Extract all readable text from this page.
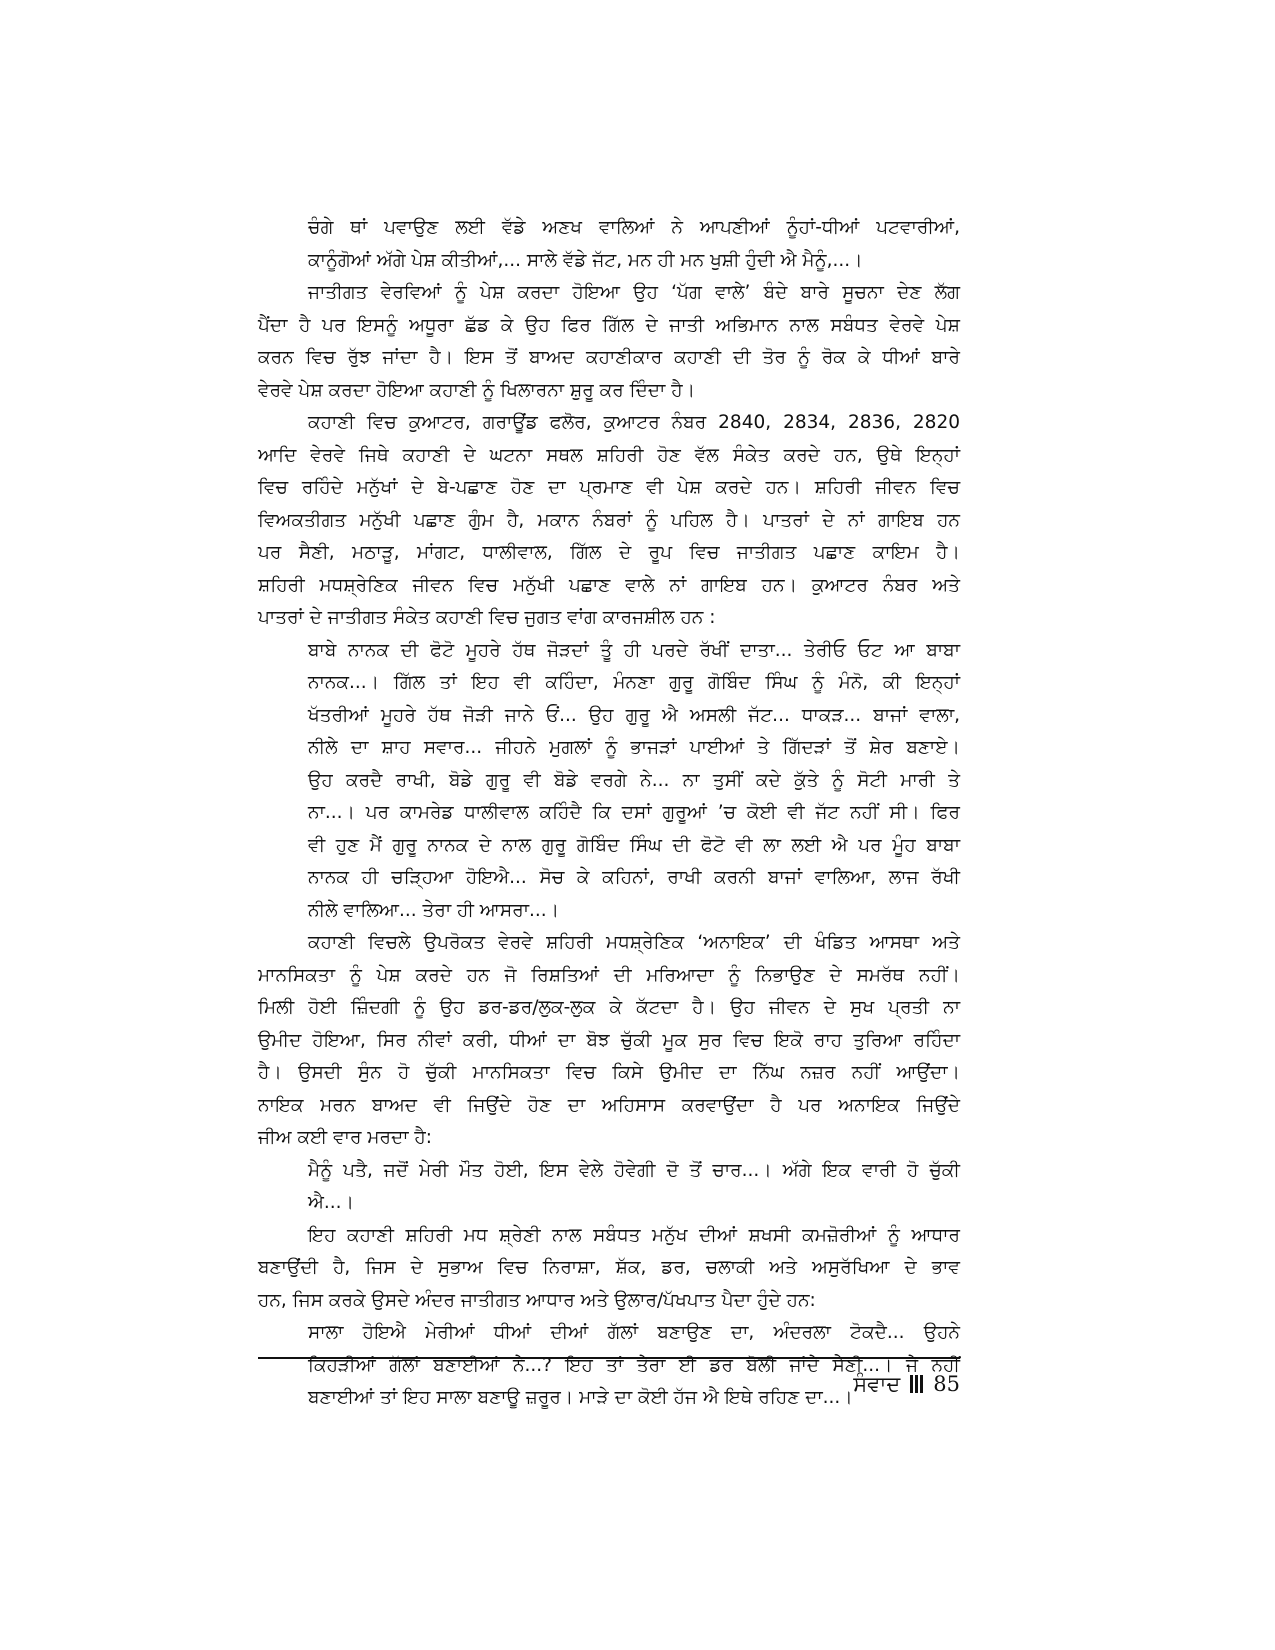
ਚੰਗੇ ਥਾਂ ਪਵਾਉਣ ਲਈ ਵੱਡੇ ਅਣਖ ਵਾਲਿਆਂ ਨੇ ਆਪਣੀਆਂ ਨੂੰਹਾਂ-ਧੀਆਂ ਪਟਵਾਰੀਆਂ,
ਕਾਨੂੰਗੋਆਂ ਅੱਗੇ ਪੇਸ਼ ਕੀਤੀਆਂ,... ਸਾਲੇ ਵੱਡੇ ਜੱਟ, ਮਨ ਹੀ ਮਨ ਖੁਸ਼ੀ ਹੁੰਦੀ ਐ ਮੈਨੂੰ,...।
ਜਾਤੀਗਤ ਵੇਰਵਿਆਂ ਨੂੰ ਪੇਸ਼ ਕਰਦਾ ਹੋਇਆ ਉਹ ‘ਪੱਗ ਵਾਲੇ’ ਬੰਦੇ ਬਾਰੇ ਸੂਚਨਾ ਦੇਣ ਲੱਗ
ਪੈਂਦਾ ਹੈ ਪਰ ਇਸਨੂੰ ਅਧੂਰਾ ਛੱਡ ਕੇ ਉਹ ਫਿਰ ਗਿੱਲ ਦੇ ਜਾਤੀ ਅਭਿਮਾਨ ਨਾਲ ਸਬੰਧਤ ਵੇਰਵੇ ਪੇਸ਼
ਕਰਨ ਵਿਚ ਰੁੱਝ ਜਾਂਦਾ ਹੈ। ਇਸ ਤੋਂ ਬਾਅਦ ਕਹਾਣੀਕਾਰ ਕਹਾਣੀ ਦੀ ਤੋਰ ਨੂੰ ਰੋਕ ਕੇ ਧੀਆਂ ਬਾਰੇ
ਵੇਰਵੇ ਪੇਸ਼ ਕਰਦਾ ਹੋਇਆ ਕਹਾਣੀ ਨੂੰ ਖਿਲਾਰਨਾ ਸ਼ੁਰੂ ਕਰ ਦਿੰਦਾ ਹੈ।
ਕਹਾਣੀ ਵਿਚ ਕੁਆਟਰ, ਗਰਾਊਂਡ ਫਲੋਰ, ਕੁਆਟਰ ਨੰਬਰ 2840, 2834, 2836, 2820
ਆਦਿ ਵੇਰਵੇ ਜਿਥੇ ਕਹਾਣੀ ਦੇ ਘਟਨਾ ਸਥਲ ਸ਼ਹਿਰੀ ਹੋਣ ਵੱਲ ਸੰਕੇਤ ਕਰਦੇ ਹਨ, ਉਥੇ ਇਨ੍ਹਾਂ
ਵਿਚ ਰਹਿੰਦੇ ਮਨੁੱਖਾਂ ਦੇ ਬੇ-ਪਛਾਣ ਹੋਣ ਦਾ ਪ੍ਰਮਾਣ ਵੀ ਪੇਸ਼ ਕਰਦੇ ਹਨ। ਸ਼ਹਿਰੀ ਜੀਵਨ ਵਿਚ
ਵਿਅਕਤੀਗਤ ਮਨੁੱਖੀ ਪਛਾਣ ਗੁੰਮ ਹੈ, ਮਕਾਨ ਨੰਬਰਾਂ ਨੂੰ ਪਹਿਲ ਹੈ। ਪਾਤਰਾਂ ਦੇ ਨਾਂ ਗਾਇਬ ਹਨ
ਪਰ ਸੈਣੀ, ਮਠਾੜੂ, ਮਾਂਗਟ, ਧਾਲੀਵਾਲ, ਗਿੱਲ ਦੇ ਰੂਪ ਵਿਚ ਜਾਤੀਗਤ ਪਛਾਣ ਕਾਇਮ ਹੈ।
ਸ਼ਹਿਰੀ ਮਧਸ਼੍ਰੇਣਿਕ ਜੀਵਨ ਵਿਚ ਮਨੁੱਖੀ ਪਛਾਣ ਵਾਲੇ ਨਾਂ ਗਾਇਬ ਹਨ। ਕੁਆਟਰ ਨੰਬਰ ਅਤੇ
ਪਾਤਰਾਂ ਦੇ ਜਾਤੀਗਤ ਸੰਕੇਤ ਕਹਾਣੀ ਵਿਚ ਜੁਗਤ ਵਾਂਗ ਕਾਰਜਸ਼ੀਲ ਹਨ :
ਬਾਬੇ ਨਾਨਕ ਦੀ ਫੋਟੋ ਮੂਹਰੇ ਹੱਥ ਜੋੜਦਾਂ ਤੂੰ ਹੀ ਪਰਦੇ ਰੱਖੀਂ ਦਾਤਾ... ਤੇਰੀਓ ਓਟ ਆ ਬਾਬਾ
ਨਾਨਕ...। ਗਿੱਲ ਤਾਂ ਇਹ ਵੀ ਕਹਿੰਦਾ, ਮੰਨਣਾ ਗੁਰੂ ਗੋਬਿੰਦ ਸਿੰਘ ਨੂੰ ਮੰਨੋ, ਕੀ ਇਨ੍ਹਾਂ
ਖੱਤਰੀਆਂ ਮੂਹਰੇ ਹੱਥ ਜੋੜੀ ਜਾਨੇ ਓਂ... ਉਹ ਗੁਰੂ ਐ ਅਸਲੀ ਜੱਟ... ਧਾਕੜ... ਬਾਜਾਂ ਵਾਲਾ,
ਨੀਲੇ ਦਾ ਸ਼ਾਹ ਸਵਾਰ... ਜੀਹਨੇ ਮੁਗਲਾਂ ਨੂੰ ਭਾਜੜਾਂ ਪਾਈਆਂ ਤੇ ਗਿੱਦੜਾਂ ਤੋਂ ਸ਼ੇਰ ਬਣਾਏ।
ਉਹ ਕਰਦੈ ਰਾਖੀ, ਬੋਡੇ ਗੁਰੂ ਵੀ ਬੋਡੇ ਵਰਗੇ ਨੇ... ਨਾ ਤੁਸੀਂ ਕਦੇ ਕੁੱਤੇ ਨੂੰ ਸੋਟੀ ਮਾਰੀ ਤੇ
ਨਾ...। ਪਰ ਕਾਮਰੇਡ ਧਾਲੀਵਾਲ ਕਹਿੰਦੈ ਕਿ ਦਸਾਂ ਗੁਰੂਆਂ ’ਚ ਕੋਈ ਵੀ ਜੱਟ ਨਹੀਂ ਸੀ। ਫਿਰ
ਵੀ ਹੁਣ ਮੈਂ ਗੁਰੂ ਨਾਨਕ ਦੇ ਨਾਲ ਗੁਰੂ ਗੋਬਿੰਦ ਸਿੰਘ ਦੀ ਫੋਟੋ ਵੀ ਲਾ ਲਈ ਐ ਪਰ ਮੂੰਹ ਬਾਬਾ
ਨਾਨਕ ਹੀ ਚੜ੍ਹਿਆ ਹੋਇਐ... ਸੋਚ ਕੇ ਕਹਿਨਾਂ, ਰਾਖੀ ਕਰਨੀ ਬਾਜਾਂ ਵਾਲਿਆ, ਲਾਜ ਰੱਖੀ
ਨੀਲੇ ਵਾਲਿਆ... ਤੇਰਾ ਹੀ ਆਸਰਾ...।
ਕਹਾਣੀ ਵਿਚਲੇ ਉਪਰੋਕਤ ਵੇਰਵੇ ਸ਼ਹਿਰੀ ਮਧਸ਼੍ਰੇਣਿਕ ‘ਅਨਾਇਕ’ ਦੀ ਖੰਡਿਤ ਆਸਥਾ ਅਤੇ
ਮਾਨਸਿਕਤਾ ਨੂੰ ਪੇਸ਼ ਕਰਦੇ ਹਨ ਜੋ ਰਿਸ਼ਤਿਆਂ ਦੀ ਮਰਿਆਦਾ ਨੂੰ ਨਿਭਾਉਣ ਦੇ ਸਮਰੱਥ ਨਹੀਂ।
ਮਿਲੀ ਹੋਈ ਜ਼ਿੰਦਗੀ ਨੂੰ ਉਹ ਡਰ-ਡਰ/ਲੁਕ-ਲੁਕ ਕੇ ਕੱਟਦਾ ਹੈ। ਉਹ ਜੀਵਨ ਦੇ ਸੁਖ ਪ੍ਰਤੀ ਨਾ
ਉਮੀਦ ਹੋਇਆ, ਸਿਰ ਨੀਵਾਂ ਕਰੀ, ਧੀਆਂ ਦਾ ਬੋਝ ਚੁੱਕੀ ਮੂਕ ਸੁਰ ਵਿਚ ਇਕੋ ਰਾਹ ਤੁਰਿਆ ਰਹਿੰਦਾ
ਹੈ। ਉਸਦੀ ਸੁੰਨ ਹੋ ਚੁੱਕੀ ਮਾਨਸਿਕਤਾ ਵਿਚ ਕਿਸੇ ਉਮੀਦ ਦਾ ਨਿੱਘ ਨਜ਼ਰ ਨਹੀਂ ਆਉਂਦਾ।
ਨਾਇਕ ਮਰਨ ਬਾਅਦ ਵੀ ਜਿਉਂਦੇ ਹੋਣ ਦਾ ਅਹਿਸਾਸ ਕਰਵਾਉਂਦਾ ਹੈ ਪਰ ਅਨਾਇਕ ਜਿਉਂਦੇ
ਜੀਅ ਕਈ ਵਾਰ ਮਰਦਾ ਹੈ:
ਮੈਨੂੰ ਪਤੈ, ਜਦੋਂ ਮੇਰੀ ਮੌਤ ਹੋਈ, ਇਸ ਵੇਲੇ ਹੋਵੇਗੀ ਦੋ ਤੋਂ ਚਾਰ...। ਅੱਗੇ ਇਕ ਵਾਰੀ ਹੋ ਚੁੱਕੀ
ਐ...।
ਇਹ ਕਹਾਣੀ ਸ਼ਹਿਰੀ ਮਧ ਸ਼੍ਰੇਣੀ ਨਾਲ ਸਬੰਧਤ ਮਨੁੱਖ ਦੀਆਂ ਸ਼ਖਸੀ ਕਮਜ਼ੋਰੀਆਂ ਨੂੰ ਆਧਾਰ
ਬਣਾਉਂਦੀ ਹੈ, ਜਿਸ ਦੇ ਸੁਭਾਅ ਵਿਚ ਨਿਰਾਸ਼ਾ, ਸ਼ੱਕ, ਡਰ, ਚਲਾਕੀ ਅਤੇ ਅਸੁਰੱਖਿਆ ਦੇ ਭਾਵ
ਹਨ, ਜਿਸ ਕਰਕੇ ਉਸਦੇ ਅੰਦਰ ਜਾਤੀਗਤ ਆਧਾਰ ਅਤੇ ਉਲਾਰ/ਪੱਖਪਾਤ ਪੈਦਾ ਹੁੰਦੇ ਹਨ:
ਸਾਲਾ ਹੋਇਐ ਮੇਰੀਆਂ ਧੀਆਂ ਦੀਆਂ ਗੱਲਾਂ ਬਣਾਉਣ ਦਾ, ਅੰਦਰਲਾ ਟੋਕਦੈ... ਉਹਨੇ
ਕਿਹੜੀਆਂ ਗੱਲਾਂ ਬਣਾਈਆਂ ਨੇ...? ਇਹ ਤਾਂ ਤੇਰਾ ਈ ਡਰ ਬੋਲੀ ਜਾਂਦੇ ਸੈਣੀ...। ਜੇ ਨਹੀਂ
ਬਣਾਈਆਂ ਤਾਂ ਇਹ ਸਾਲਾ ਬਣਾਊ ਜ਼ਰੂਰ। ਮਾੜੇ ਦਾ ਕੋਈ ਹੱਜ ਐ ਇਥੇ ਰਹਿਣ ਦਾ...।
ਸੰਵਾਦ 85
